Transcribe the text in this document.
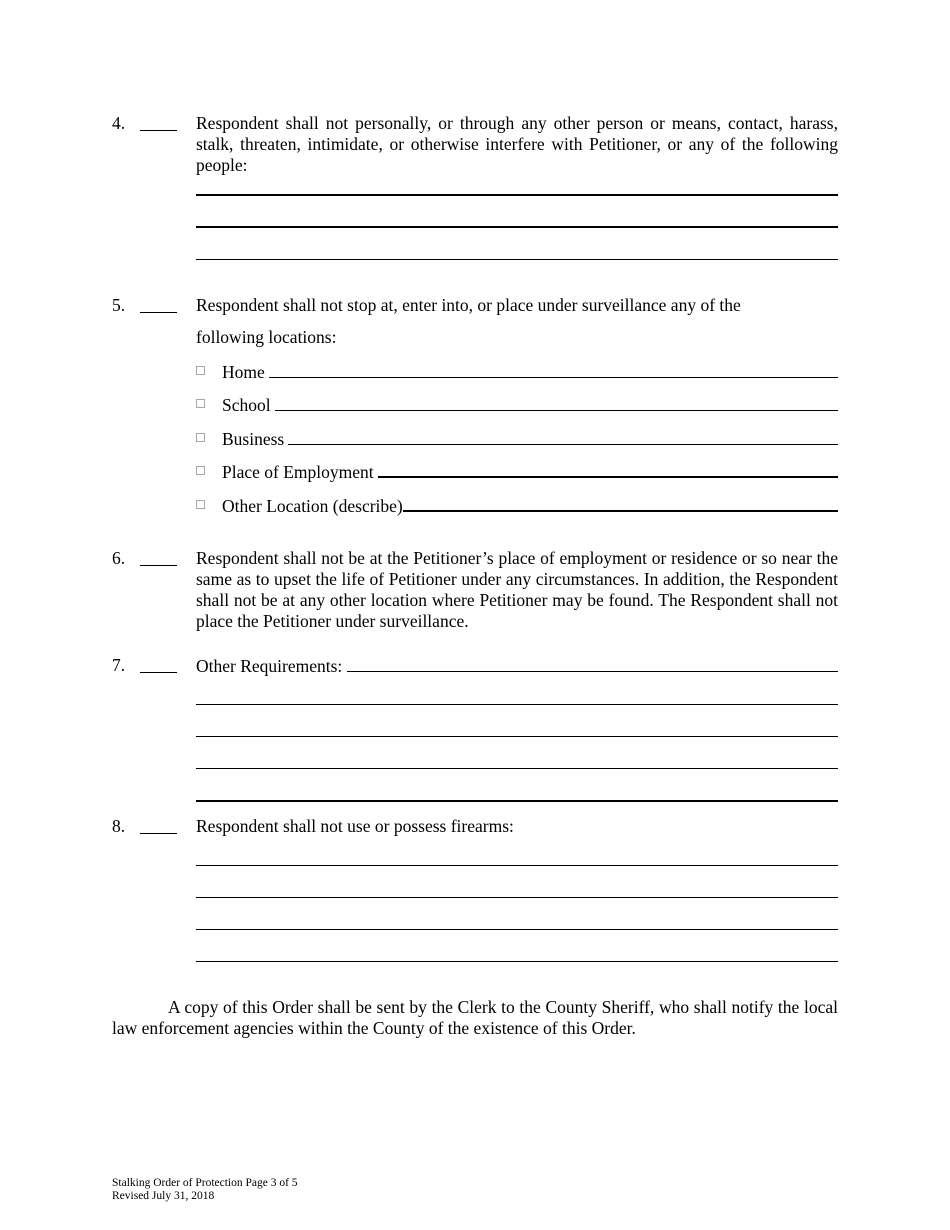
4.	Respondent shall not personally, or through any other person or means, contact, harass, stalk, threaten, intimidate, or otherwise interfere with Petitioner, or any of the following people:
5.	Respondent shall not stop at, enter into, or place under surveillance any of the
following locations:
Home
School
Business
Place of Employment
Other Location (describe)
6.	Respondent shall not be at the Petitioner’s place of employment or residence or so near the same as to upset the life of Petitioner under any circumstances. In addition, the Respondent shall not be at any other location where Petitioner may be found. The Respondent shall not place the Petitioner under surveillance.
7.	Other Requirements:
8.	Respondent shall not use or possess firearms:
A copy of this Order shall be sent by the Clerk to the County Sheriff, who shall notify the local law enforcement agencies within the County of the existence of this Order.
Stalking Order of Protection Page 3 of 5
Revised July 31, 2018
